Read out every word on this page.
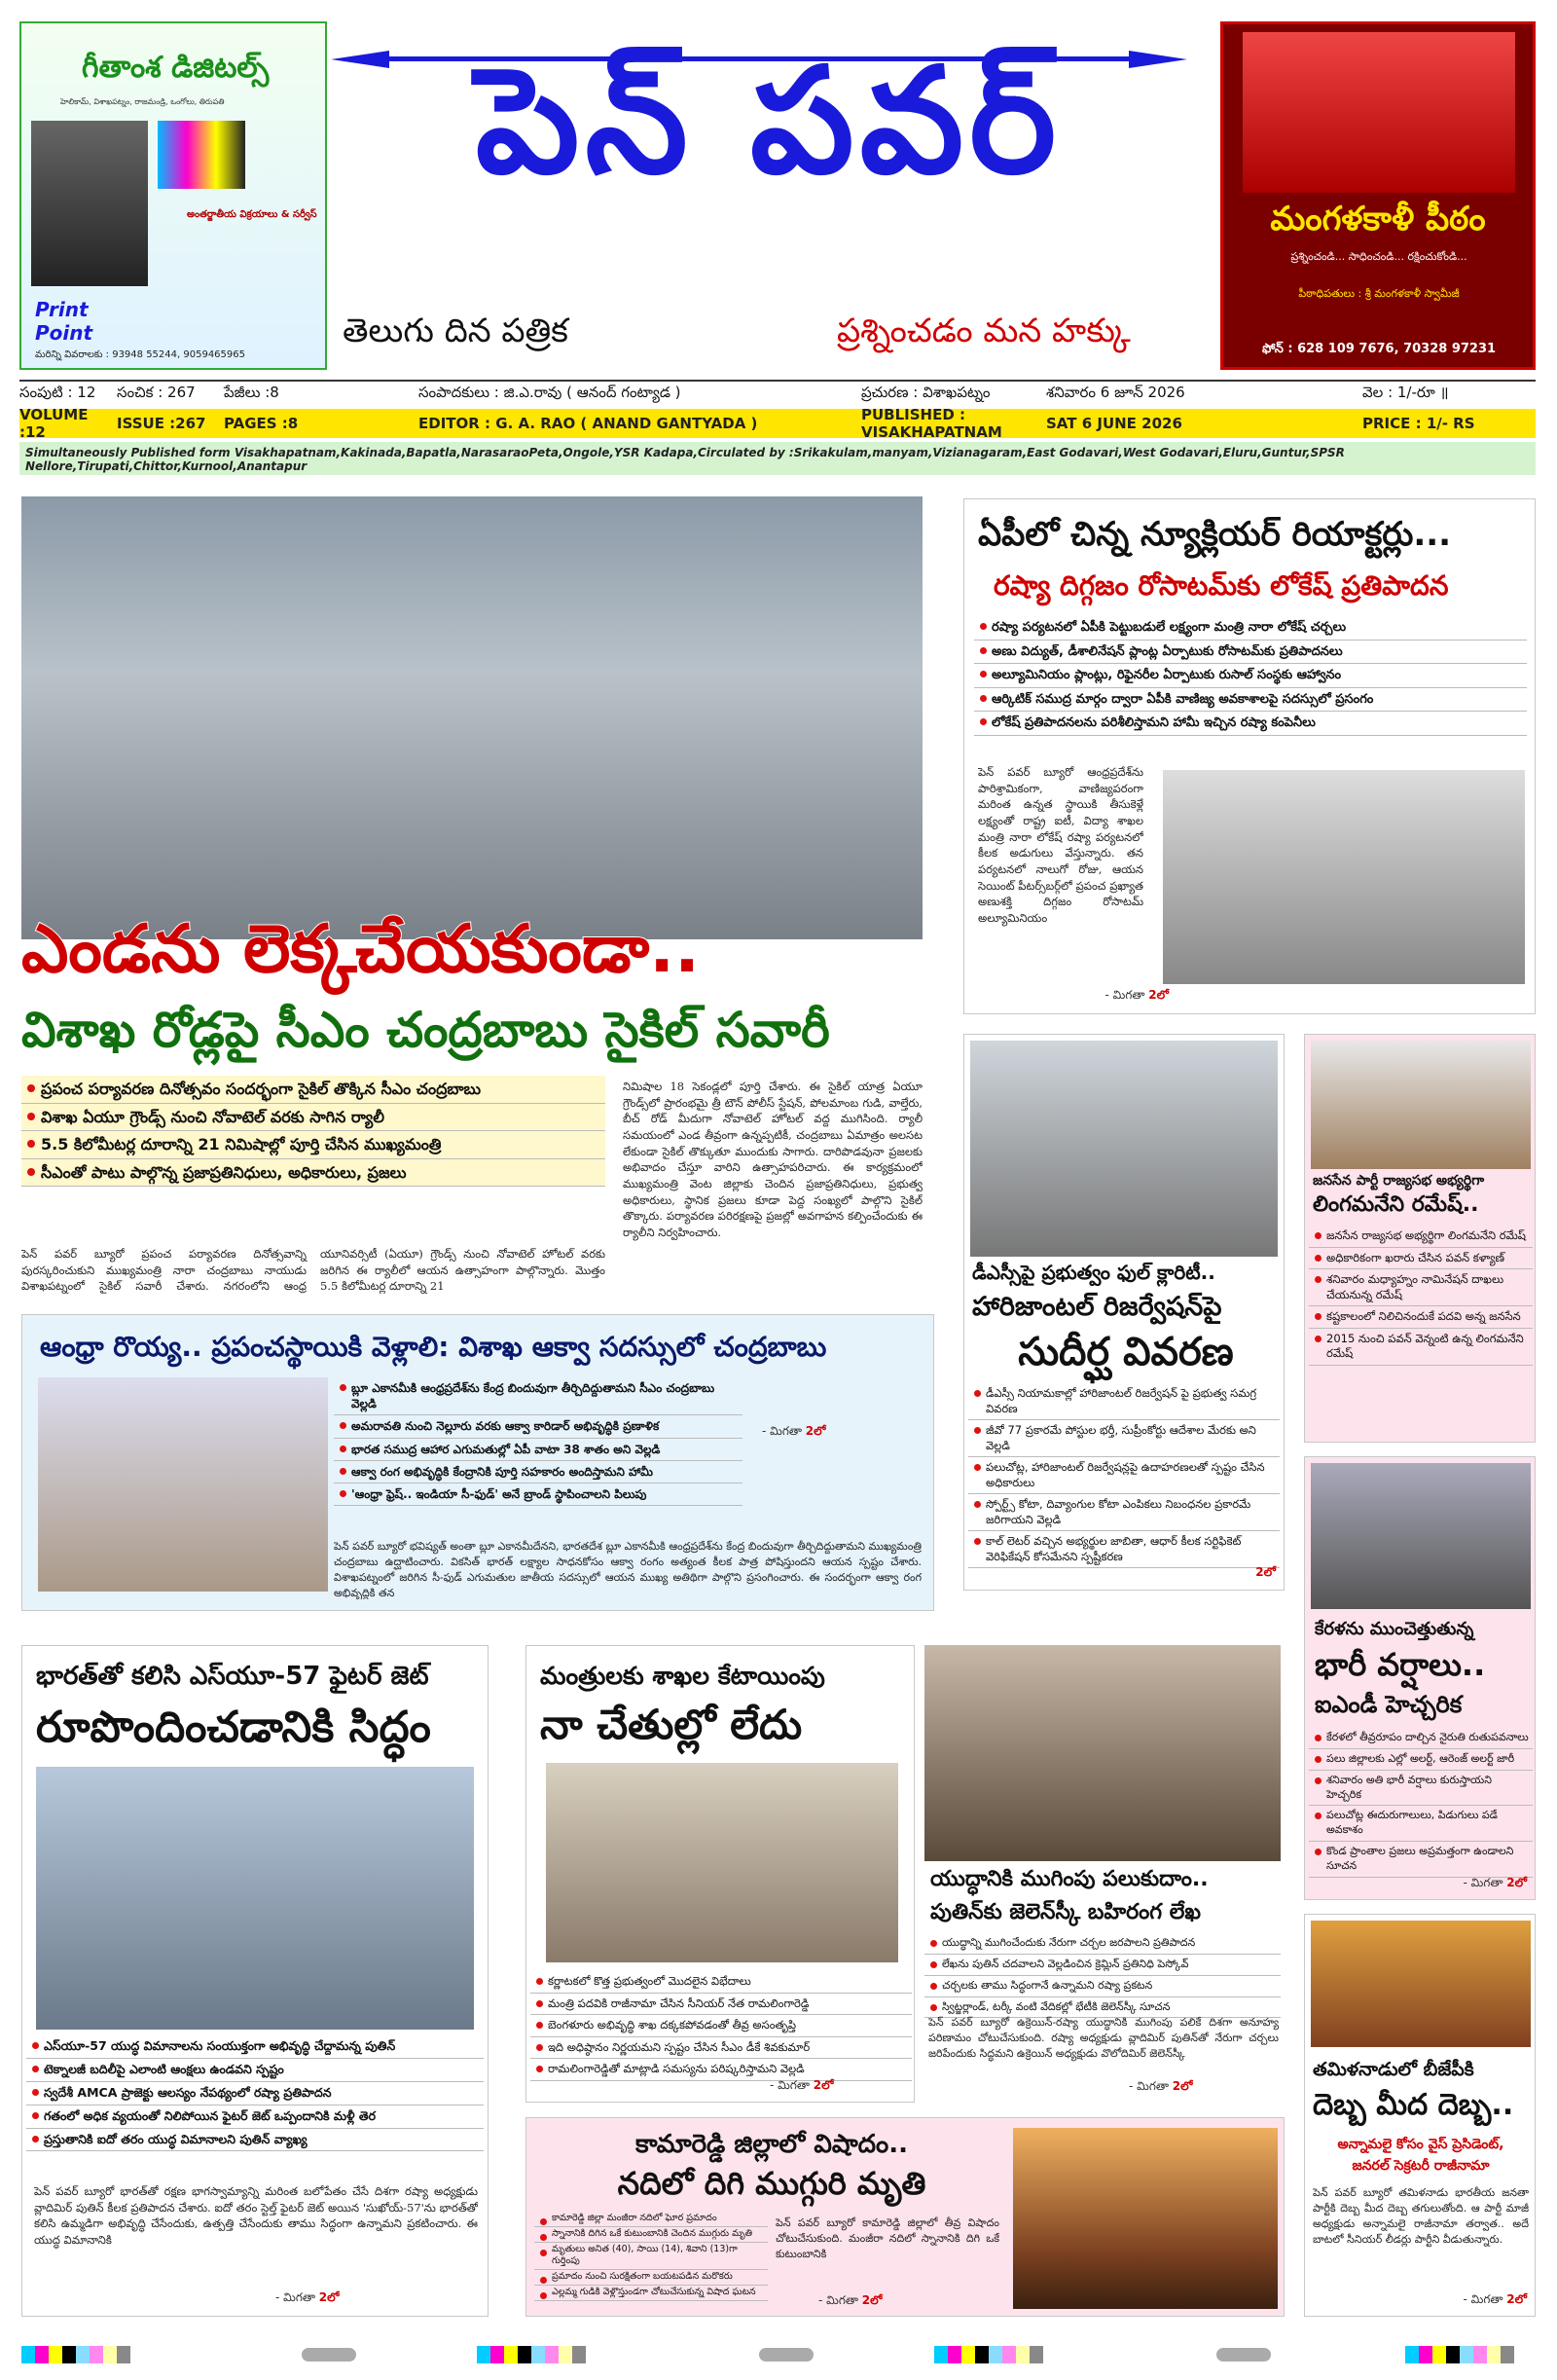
గీతాంశ డిజిటల్స్
హెలికామ్‌, విశాఖపట్నం, రాజమండ్రి, ఒంగోలు, తిరుపతి
అంతర్జాతీయ విక్రయాలు & సర్వీస్
Print Point
మరిన్ని వివరాలకు : 93948 55244, 9059465965
పెన్ పవర్
తెలుగు దిన పత్రిక	ప్రశ్నించడం మన హక్కు
మంగళకాళీ పీఠం
ప్రశ్నించండి... సాధించండి... రక్షించుకోండి...
పీఠాధిపతులు : శ్రీ మంగళకాళీ స్వామీజీ
ఫోన్ : 628 109 7676, 70328 97231
సంపుటి : 12	సంచిక : 267	పేజీలు :8	సంపాదకులు : జి.ఎ.రావు ( ఆనంద్ గంట్యాడ )	ప్రచురణ : విశాఖపట్నం	శనివారం 6 జూన్ 2026	వెల : 1/-రూ ॥
VOLUME :12	ISSUE :267	PAGES :8	EDITOR : G. A. RAO ( ANAND GANTYADA )	PUBLISHED : VISAKHAPATNAM	SAT 6 JUNE 2026	PRICE : 1/- RS
Simultaneously Published form Visakhapatnam,Kakinada,Bapatla,NarasaraoPeta,Ongole,YSR Kadapa,Circulated by :Srikakulam,manyam,Vizianagaram,East Godavari,West Godavari,Eluru,Guntur,SPSR Nellore,Tirupati,Chittor,Kurnool,Anantapur
ఎండను లెక్కచేయకుండా..
విశాఖ రోడ్లపై సీఎం చంద్రబాబు సైకిల్ సవారీ
ప్రపంచ పర్యావరణ దినోత్సవం సందర్భంగా సైకిల్ తొక్కిన సీఎం చంద్రబాబు
విశాఖ ఏయూ గ్రౌండ్స్ నుంచి నోవాటెల్ వరకు సాగిన ర్యాలీ
5.5 కిలోమీటర్ల దూరాన్ని 21 నిమిషాల్లో పూర్తి చేసిన ముఖ్యమంత్రి
సీఎంతో పాటు పాల్గొన్న ప్రజాప్రతినిధులు, అధికారులు, ప్రజలు
నిమిషాల 18 సెకండ్లలో పూర్తి చేశారు. ఈ సైకిల్ యాత్ర ఏయూ గ్రౌండ్స్‌లో ప్రారంభమై త్రీ టౌన్ పోలీస్ స్టేషన్, పోలమాంబ గుడి, వాల్తేరు, బీచ్ రోడ్ మీదుగా నోవాటెల్ హోటల్ వద్ద ముగిసింది. ర్యాలీ సమయంలో ఎండ తీవ్రంగా ఉన్నప్పటికీ, చంద్రబాబు ఏమాత్రం అలసట లేకుండా సైకిల్ తొక్కుతూ ముందుకు సాగారు. దారిపొడవునా ప్రజలకు అభివాదం చేస్తూ వారిని ఉత్సాహపరిచారు. ఈ కార్యక్రమంలో ముఖ్యమంత్రి వెంట జిల్లాకు చెందిన ప్రజాప్రతినిధులు, ప్రభుత్వ అధికారులు, స్థానిక ప్రజలు కూడా పెద్ద సంఖ్యలో పాల్గొని సైకిల్ తొక్కారు. పర్యావరణ పరిరక్షణపై ప్రజల్లో అవగాహన కల్పించేందుకు ఈ ర్యాలీని నిర్వహించారు.
పెన్ పవర్ బ్యూరో ప్రపంచ పర్యావరణ దినోత్సవాన్ని పురస్కరించుకుని ముఖ్యమంత్రి నారా చంద్రబాబు నాయుడు విశాఖపట్నంలో సైకిల్ సవారీ చేశారు. నగరంలోని ఆంధ్ర యూనివర్సిటీ (ఏయూ) గ్రౌండ్స్ నుంచి నోవాటెల్ హోటల్ వరకు జరిగిన ఈ ర్యాలీలో ఆయన ఉత్సాహంగా పాల్గొన్నారు. మొత్తం 5.5 కిలోమీటర్ల దూరాన్ని 21
ఏపీలో చిన్న న్యూక్లియర్ రియాక్టర్లు...
రష్యా దిగ్గజం రోసాటమ్‌కు లోకేష్ ప్రతిపాదన
రష్యా పర్యటనలో ఏపీకి పెట్టుబడులే లక్ష్యంగా మంత్రి నారా లోకేష్ చర్చలు
అణు విద్యుత్, డీశాలినేషన్ ప్లాంట్ల ఏర్పాటుకు రోసాటమ్‌కు ప్రతిపాదనలు
అల్యూమినియం ప్లాంట్లు, రిఫైనరీల ఏర్పాటుకు రుసాల్ సంస్థకు ఆహ్వానం
ఆర్కిటిక్ సముద్ర మార్గం ద్వారా ఏపీకి వాణిజ్య అవకాశాలపై సదస్సులో ప్రసంగం
లోకేష్ ప్రతిపాదనలను పరిశీలిస్తామని హామీ ఇచ్చిన రష్యా కంపెనీలు
పెన్ పవర్ బ్యూరో ఆంధ్రప్రదేశ్‌ను పారిశ్రామికంగా, వాణిజ్యపరంగా మరింత ఉన్నత స్థాయికి తీసుకెళ్లే లక్ష్యంతో రాష్ట్ర ఐటీ, విద్యా శాఖల మంత్రి నారా లోకేష్ రష్యా పర్యటనలో కీలక అడుగులు వేస్తున్నారు. తన పర్యటనలో నాలుగో రోజు, ఆయన సెయింట్ పీటర్స్‌బర్గ్‌లో ప్రపంచ ప్రఖ్యాత అణుశక్తి దిగ్గజం రోసాటమ్ అల్యూమినియం
- మిగతా 2లో
డీఎస్సీపై ప్రభుత్వం ఫుల్ క్లారిటీ..
హారిజాంటల్ రిజర్వేషన్‌పై
సుదీర్ఘ వివరణ
డీఎస్సీ నియామకాల్లో హారిజాంటల్ రిజర్వేషన్ పై ప్రభుత్వ సమగ్ర వివరణ
జీవో 77 ప్రకారమే పోస్టుల భర్తీ, సుప్రీంకోర్టు ఆదేశాల మేరకు అని వెల్లడి
పలుచోట్ల, హారిజాంటల్ రిజర్వేషన్లపై ఉదాహరణలతో స్పష్టం చేసిన అధికారులు
స్పోర్ట్స్ కోటా, దివ్యాంగుల కోటా ఎంపికలు నిబంధనల ప్రకారమే జరిగాయని వెల్లడి
కాల్ లెటర్ వచ్చిన అభ్యర్థుల జాబితా, ఆధార్ కీలక సర్టిఫికెట్ వెరిఫికేషన్ కోసమేనని స్పష్టీకరణ
2లో
జనసేన పార్టీ రాజ్యసభ అభ్యర్థిగా
లింగమనేని రమేష్..
జనసేన రాజ్యసభ అభ్యర్థిగా లింగమనేని రమేష్
అధికారికంగా ఖరారు చేసిన పవన్ కళ్యాణ్
శనివారం మధ్యాహ్నం నామినేషన్ దాఖలు చేయనున్న రమేష్
కష్టకాలంలో నిలిచినందుకే పదవి అన్న జనసేన
2015 నుంచి పవన్ వెన్నంటి ఉన్న లింగమనేని రమేష్
ఆంధ్రా రొయ్య.. ప్రపంచస్థాయికి వెళ్లాలి: విశాఖ ఆక్వా సదస్సులో చంద్రబాబు
బ్లూ ఎకానమీకి ఆంధ్రప్రదేశ్‌ను కేంద్ర బిందువుగా తీర్చిదిద్దుతామని సీఎం చంద్రబాబు వెల్లడి
అమరావతి నుంచి నెల్లూరు వరకు ఆక్వా కారిడార్ అభివృద్ధికి ప్రణాళిక
భారత సముద్ర ఆహార ఎగుమతుల్లో ఏపీ వాటా 38 శాతం అని వెల్లడి
ఆక్వా రంగ అభివృద్ధికి కేంద్రానికి పూర్తి సహకారం అందిస్తామని హామీ
'ఆంధ్రా ఫ్రెష్.. ఇండియా సీ-ఫుడ్' అనే బ్రాండ్ స్థాపించాలని పిలుపు
- మిగతా 2లో
పెన్ పవర్ బ్యూరో భవిష్యత్ అంతా బ్లూ ఎకానమీదేనని, భారతదేశ బ్లూ ఎకానమీకి ఆంధ్రప్రదేశ్‌ను కేంద్ర బిందువుగా తీర్చిదిద్దుతామని ముఖ్యమంత్రి చంద్రబాబు ఉద్ఘాటించారు. వికసిత్ భారత్ లక్ష్యాల సాధనకోసం ఆక్వా రంగం అత్యంత కీలక పాత్ర పోషిస్తుందని ఆయన స్పష్టం చేశారు. విశాఖపట్నంలో జరిగిన సీ-ఫుడ్ ఎగుమతుల జాతీయ సదస్సులో ఆయన ముఖ్య అతిథిగా పాల్గొని ప్రసంగించారు. ఈ సందర్భంగా ఆక్వా రంగ అభివృద్ధికి తన
కేరళను ముంచెత్తుతున్న
భారీ వర్షాలు..
ఐఎండీ హెచ్చరిక
కేరళలో తీవ్రరూపం దాల్చిన నైరుతి రుతుపవనాలు
పలు జిల్లాలకు ఎల్లో అలర్ట్, ఆరెంజ్ అలర్ట్ జారీ
శనివారం అతి భారీ వర్షాలు కురుస్తాయని హెచ్చరిక
పలుచోట్ల ఈదురుగాలులు, పిడుగులు పడే అవకాశం
కొండ ప్రాంతాల ప్రజలు అప్రమత్తంగా ఉండాలని సూచన
- మిగతా 2లో
భారత్‌తో కలిసి ఎస్‌యూ-57 ఫైటర్ జెట్
రూపొందించడానికి సిద్ధం
ఎస్‌యూ-57 యుద్ధ విమానాలను సంయుక్తంగా అభివృద్ధి చేద్దామన్న పుతిన్
టెక్నాలజీ బదిలీపై ఎలాంటి ఆంక్షలు ఉండవని స్పష్టం
స్వదేశీ AMCA ప్రాజెక్టు ఆలస్యం నేపథ్యంలో రష్యా ప్రతిపాదన
గతంలో అధిక వ్యయంతో నిలిపోయిన ఫైటర్ జెట్ ఒప్పందానికి మళ్లీ తెర
ప్రస్తుతానికి ఐదో తరం యుద్ధ విమానాలని పుతిన్ వ్యాఖ్య
పెన్ పవర్ బ్యూరో భారత్‌తో రక్షణ భాగస్వామ్యాన్ని మరింత బలోపేతం చేసే దిశగా రష్యా అధ్యక్షుడు వ్లాదిమిర్ పుతిన్ కీలక ప్రతిపాదన చేశారు. ఐదో తరం స్టెల్త్ ఫైటర్ జెట్ అయిన 'సుఖోయ్-57'ను భారత్‌తో కలిసి ఉమ్మడిగా అభివృద్ధి చేసేందుకు, ఉత్పత్తి చేసేందుకు తాము సిద్ధంగా ఉన్నామని ప్రకటించారు. ఈ యుద్ధ విమానానికి
- మిగతా 2లో
మంత్రులకు శాఖల కేటాయింపు
నా చేతుల్లో లేదు
కర్ణాటకలో కొత్త ప్రభుత్వంలో మొదలైన విభేదాలు
మంత్రి పదవికి రాజీనామా చేసిన సీనియర్ నేత రామలింగారెడ్డి
బెంగళూరు అభివృద్ధి శాఖ దక్కకపోవడంతో తీవ్ర అసంతృప్తి
ఇది అధిష్ఠానం నిర్ణయమని స్పష్టం చేసిన సీఎం డీకే శివకుమార్
రామలింగారెడ్డితో మాట్లాడి సమస్యను పరిష్కరిస్తామని వెల్లడి
- మిగతా 2లో
యుద్ధానికి ముగింపు పలుకుదాం..
పుతిన్‌కు జెలెన్‌స్కీ బహిరంగ లేఖ
యుద్ధాన్ని ముగించేందుకు నేరుగా చర్చల జరపాలని ప్రతిపాదన
లేఖను పుతిన్ చదవాలని వెల్లడించిన క్రెమ్లిన్ ప్రతినిధి పెస్కోవ్
చర్చలకు తాము సిద్ధంగానే ఉన్నామని రష్యా ప్రకటన
స్విట్జర్లాండ్, టర్కీ వంటి వేదికల్లో భేటీకి జెలెన్‌స్కీ సూచన
పెన్ పవర్ బ్యూరో ఉక్రెయిన్-రష్యా యుద్ధానికి ముగింపు పలికే దిశగా అనూహ్య పరిణామం చోటుచేసుకుంది. రష్యా అధ్యక్షుడు వ్లాదిమిర్ పుతిన్‌తో నేరుగా చర్చలు జరిపేందుకు సిద్ధమని ఉక్రెయిన్ అధ్యక్షుడు వొలోదిమిర్ జెలెన్‌స్కీ
- మిగతా 2లో
తమిళనాడులో బీజేపీకి
దెబ్బ మీద దెబ్బ..
అన్నామలై కోసం వైస్ ప్రెసిడెంట్,
జనరల్ సెక్రటరీ రాజీనామా
పెన్ పవర్ బ్యూరో తమిళనాడు భారతీయ జనతా పార్టీకి దెబ్బ మీద దెబ్బ తగులుతోంది. ఆ పార్టీ మాజీ అధ్యక్షుడు అన్నామలై రాజీనామా తర్వాత.. అదే బాటలో సీనియర్ లీడర్లు పార్టీని వీడుతున్నారు.
- మిగతా 2లో
కామారెడ్డి జిల్లాలో విషాదం..
నదిలో దిగి ముగ్గురి మృతి
కామారెడ్డి జిల్లా మంజీరా నదిలో ఘోర ప్రమాదం
స్నానానికి దిగిన ఒకే కుటుంబానికి చెందిన ముగ్గురు మృతి
మృతులు అనిత (40), సాయి (14), శివాని (13)గా గుర్తింపు
ప్రమాదం నుంచి సురక్షితంగా బయటపడిన మరొకరు
ఎల్లమ్మ గుడికి వెళ్లొస్తుండగా చోటుచేసుకున్న విషాద ఘటన
పెన్ పవర్ బ్యూరో కామారెడ్డి జిల్లాలో తీవ్ర విషాదం చోటుచేసుకుంది. మంజీరా నదిలో స్నానానికి దిగి ఒకే కుటుంబానికి
- మిగతా 2లో
